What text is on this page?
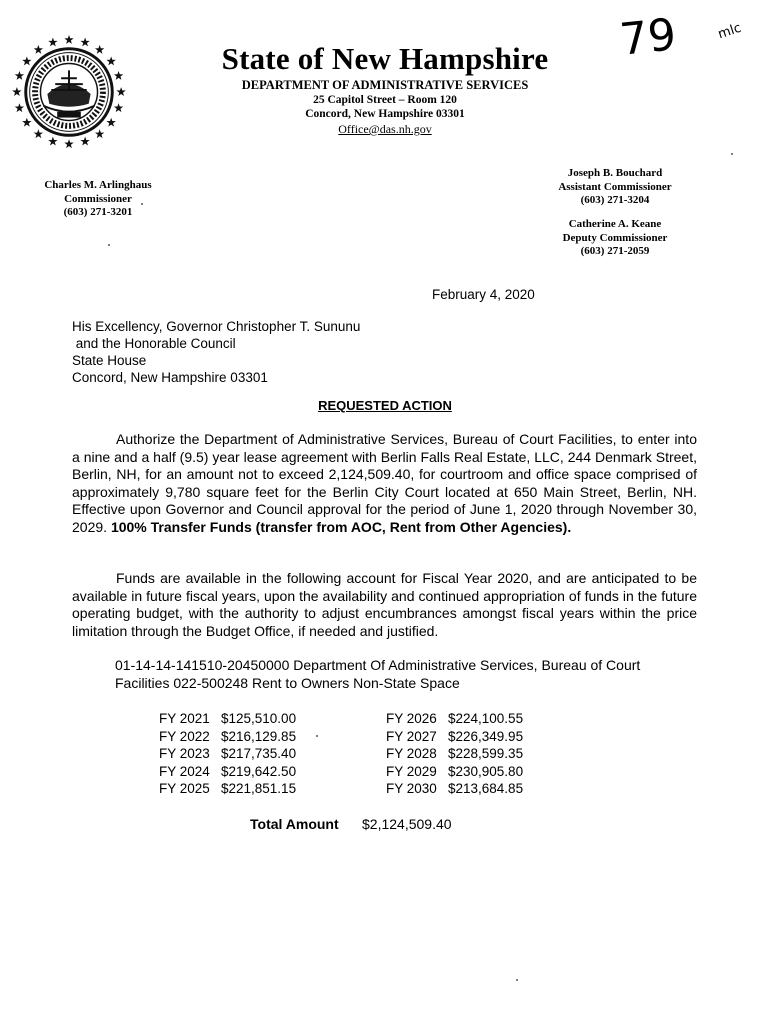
State of New Hampshire
DEPARTMENT OF ADMINISTRATIVE SERVICES
25 Capitol Street – Room 120
Concord, New Hampshire 03301
Office@das.nh.gov
79	mlc
Charles M. Arlinghaus
Commissioner
(603) 271-3201
Joseph B. Bouchard
Assistant Commissioner
(603) 271-3204
Catherine A. Keane
Deputy Commissioner
(603) 271-2059
February 4, 2020
His Excellency, Governor Christopher T. Sununu
and the Honorable Council
State House
Concord, New Hampshire 03301
REQUESTED ACTION
Authorize the Department of Administrative Services, Bureau of Court Facilities, to enter into a nine and a half (9.5) year lease agreement with Berlin Falls Real Estate, LLC, 244 Denmark Street, Berlin, NH, for an amount not to exceed 2,124,509.40, for courtroom and office space comprised of approximately 9,780 square feet for the Berlin City Court located at 650 Main Street, Berlin, NH. Effective upon Governor and Council approval for the period of June 1, 2020 through November 30, 2029. 100% Transfer Funds (transfer from AOC, Rent from Other Agencies).
Funds are available in the following account for Fiscal Year 2020, and are anticipated to be available in future fiscal years, upon the availability and continued appropriation of funds in the future operating budget, with the authority to adjust encumbrances amongst fiscal years within the price limitation through the Budget Office, if needed and justified.
01-14-14-141510-20450000 Department Of Administrative Services, Bureau of Court
Facilities 022-500248 Rent to Owners Non-State Space
FY 2021 $125,510.00
FY 2022 $216,129.85
FY 2023 $217,735.40
FY 2024 $219,642.50
FY 2025 $221,851.15
FY 2026 $224,100.55
FY 2027 $226,349.95
FY 2028 $228,599.35
FY 2029 $230,905.80
FY 2030 $213,684.85
Total Amount $2,124,509.40
